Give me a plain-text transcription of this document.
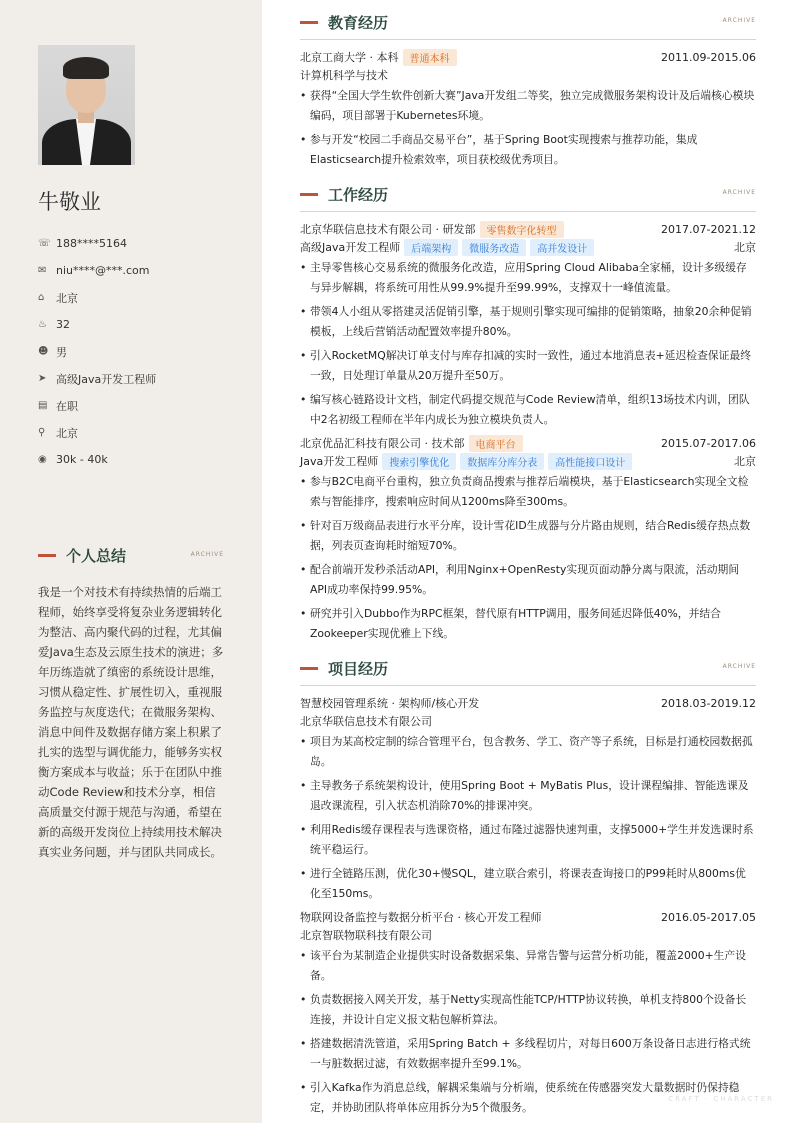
牛敬业
☏ 188****5164
✉ niu****@***.com
⌂	北京
♨ 32
☻ 男
➤ 高级Java开发工程师
▤ 在职
⚲ 北京
◉ 30k - 40k
个人总结	ARCHIVE
我是一个对技术有持续热情的后端工程师，始终享受将复杂业务逻辑转化为整洁、高内聚代码的过程，尤其偏爱Java生态及云原生技术的演进；多年历练造就了缜密的系统设计思维，习惯从稳定性、扩展性切入，重视服务监控与灰度迭代；在微服务架构、消息中间件及数据存储方案上积累了扎实的选型与调优能力，能够务实权衡方案成本与收益；乐于在团队中推动Code Review和技术分享，相信高质量交付源于规范与沟通，希望在新的高级开发岗位上持续用技术解决真实业务问题，并与团队共同成长。
教育经历	ARCHIVE
北京工商大学 · 本科	普通本科	2011.09-2015.06
计算机科学与技术
• 获得“全国大学生软件创新大赛”Java开发组二等奖，独立完成微服务架构设计及后端核心模块编码，项目部署于Kubernetes环境。
• 参与开发“校园二手商品交易平台”，基于Spring Boot实现搜索与推荐功能，集成Elasticsearch提升检索效率，项目获校级优秀项目。
工作经历	ARCHIVE
北京华联信息技术有限公司 · 研发部	零售数字化转型	2017.07-2021.12
高级Java开发工程师	后端架构	微服务改造	高并发设计	北京
• 主导零售核心交易系统的微服务化改造，应用Spring Cloud Alibaba全家桶，设计多级缓存与异步解耦，将系统可用性从99.9%提升至99.99%，支撑双十一峰值流量。
• 带领4人小组从零搭建灵活促销引擎，基于规则引擎实现可编排的促销策略，抽象20余种促销模板，上线后营销活动配置效率提升80%。
• 引入RocketMQ解决订单支付与库存扣减的实时一致性，通过本地消息表+延迟检查保证最终一致，日处理订单量从20万提升至50万。
• 编写核心链路设计文档，制定代码提交规范与Code Review清单，组织13场技术内训，团队中2名初级工程师在半年内成长为独立模块负责人。
北京优品汇科技有限公司 · 技术部	电商平台	2015.07-2017.06
Java开发工程师	搜索引擎优化	数据库分库分表	高性能接口设计	北京
• 参与B2C电商平台重构，独立负责商品搜索与推荐后端模块，基于Elasticsearch实现全文检索与智能排序，搜索响应时间从1200ms降至300ms。
• 针对百万级商品表进行水平分库，设计雪花ID生成器与分片路由规则，结合Redis缓存热点数据，列表页查询耗时缩短70%。
• 配合前端开发秒杀活动API，利用Nginx+OpenResty实现页面动静分离与限流，活动期间API成功率保持99.95%。
• 研究并引入Dubbo作为RPC框架，替代原有HTTP调用，服务间延迟降低40%，并结合Zookeeper实现优雅上下线。
项目经历	ARCHIVE
智慧校园管理系统 · 架构师/核心开发	2018.03-2019.12
北京华联信息技术有限公司
• 项目为某高校定制的综合管理平台，包含教务、学工、资产等子系统，目标是打通校园数据孤岛。
• 主导教务子系统架构设计，使用Spring Boot + MyBatis Plus，设计课程编排、智能选课及退改课流程，引入状态机消除70%的排课冲突。
• 利用Redis缓存课程表与选课资格，通过布隆过滤器快速判重，支撑5000+学生并发选课时系统平稳运行。
• 进行全链路压测，优化30+慢SQL，建立联合索引，将课表查询接口的P99耗时从800ms优化至150ms。
物联网设备监控与数据分析平台 · 核心开发工程师	2016.05-2017.05
北京智联物联科技有限公司
• 该平台为某制造企业提供实时设备数据采集、异常告警与运营分析功能，覆盖2000+生产设备。
• 负责数据接入网关开发，基于Netty实现高性能TCP/HTTP协议转换，单机支持800个设备长连接，并设计自定义报文粘包解析算法。
• 搭建数据清洗管道，采用Spring Batch + 多线程切片，对每日600万条设备日志进行格式统一与脏数据过滤，有效数据率提升至99.1%。
• 引入Kafka作为消息总线，解耦采集端与分析端，使系统在传感器突发大量数据时仍保持稳定，并协助团队将单体应用拆分为5个微服务。
CRAFT · CHARACTER
